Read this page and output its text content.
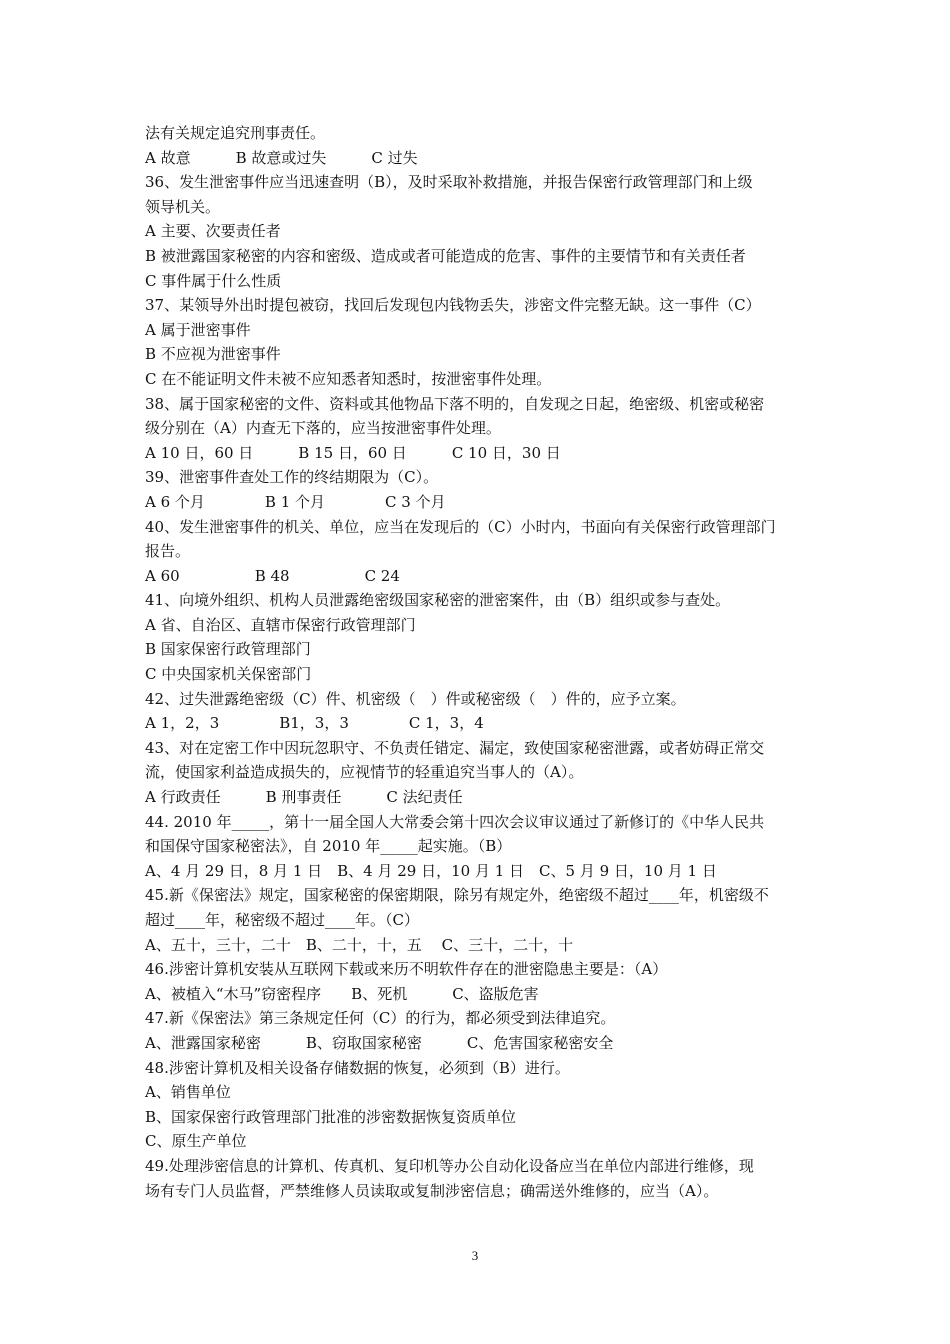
法有关规定追究刑事责任。
A 故意　　　B 故意或过失　　　C 过失
36、发生泄密事件应当迅速查明（B），及时采取补救措施，并报告保密行政管理部门和上级
领导机关。
A 主要、次要责任者
B 被泄露国家秘密的内容和密级、造成或者可能造成的危害、事件的主要情节和有关责任者
C 事件属于什么性质
37、某领导外出时提包被窃，找回后发现包内钱物丢失，涉密文件完整无缺。这一事件（C）
A 属于泄密事件
B 不应视为泄密事件
C 在不能证明文件未被不应知悉者知悉时，按泄密事件处理。
38、属于国家秘密的文件、资料或其他物品下落不明的，自发现之日起，绝密级、机密或秘密
级分别在（A）内查无下落的，应当按泄密事件处理。
A 10 日，60 日　　　B 15 日，60 日　　　C 10 日，30 日
39、泄密事件查处工作的终结期限为（C）。
A 6 个月　　　　B 1 个月　　　　C 3 个月
40、发生泄密事件的机关、单位，应当在发现后的（C）小时内，书面向有关保密行政管理部门
报告。
A 60　　　　　B 48　　　　　C 24
41、向境外组织、机构人员泄露绝密级国家秘密的泄密案件，由（B）组织或参与查处。
A 省、自治区、直辖市保密行政管理部门
B 国家保密行政管理部门
C 中央国家机关保密部门
42、过失泄露绝密级（C）件、机密级（　）件或秘密级（　）件的，应予立案。
A 1，2，3　　　　B1，3，3　　　　C 1，3，4
43、对在定密工作中因玩忽职守、不负责任错定、漏定，致使国家秘密泄露，或者妨碍正常交
流，使国家利益造成损失的，应视情节的轻重追究当事人的（A）。
A 行政责任　　　B 刑事责任　　　C 法纪责任
44. 2010 年_____，第十一届全国人大常委会第十四次会议审议通过了新修订的《中华人民共
和国保守国家秘密法》，自 2010 年_____起实施。（B）
A、4 月 29 日，8 月 1 日　B、4 月 29 日，10 月 1 日　C、5 月 9 日，10 月 1 日
45.新《保密法》规定，国家秘密的保密期限，除另有规定外，绝密级不超过____年，机密级不
超过____年，秘密级不超过____年。（C）
A、五十，三十，二十　B、二十，十，五　 C、三十，二十，十
46.涉密计算机安装从互联网下载或来历不明软件存在的泄密隐患主要是：（A）
A、被植入“木马”窃密程序　　B、死机　　　C、盗版危害
47.新《保密法》第三条规定任何（C）的行为，都必须受到法律追究。
A、泄露国家秘密　　　B、窃取国家秘密　　　C、危害国家秘密安全
48.涉密计算机及相关设备存储数据的恢复，必须到（B）进行。
A、销售单位
B、国家保密行政管理部门批准的涉密数据恢复资质单位
C、原生产单位
49.处理涉密信息的计算机、传真机、复印机等办公自动化设备应当在单位内部进行维修，现
场有专门人员监督，严禁维修人员读取或复制涉密信息；确需送外维修的，应当（A）。
3
